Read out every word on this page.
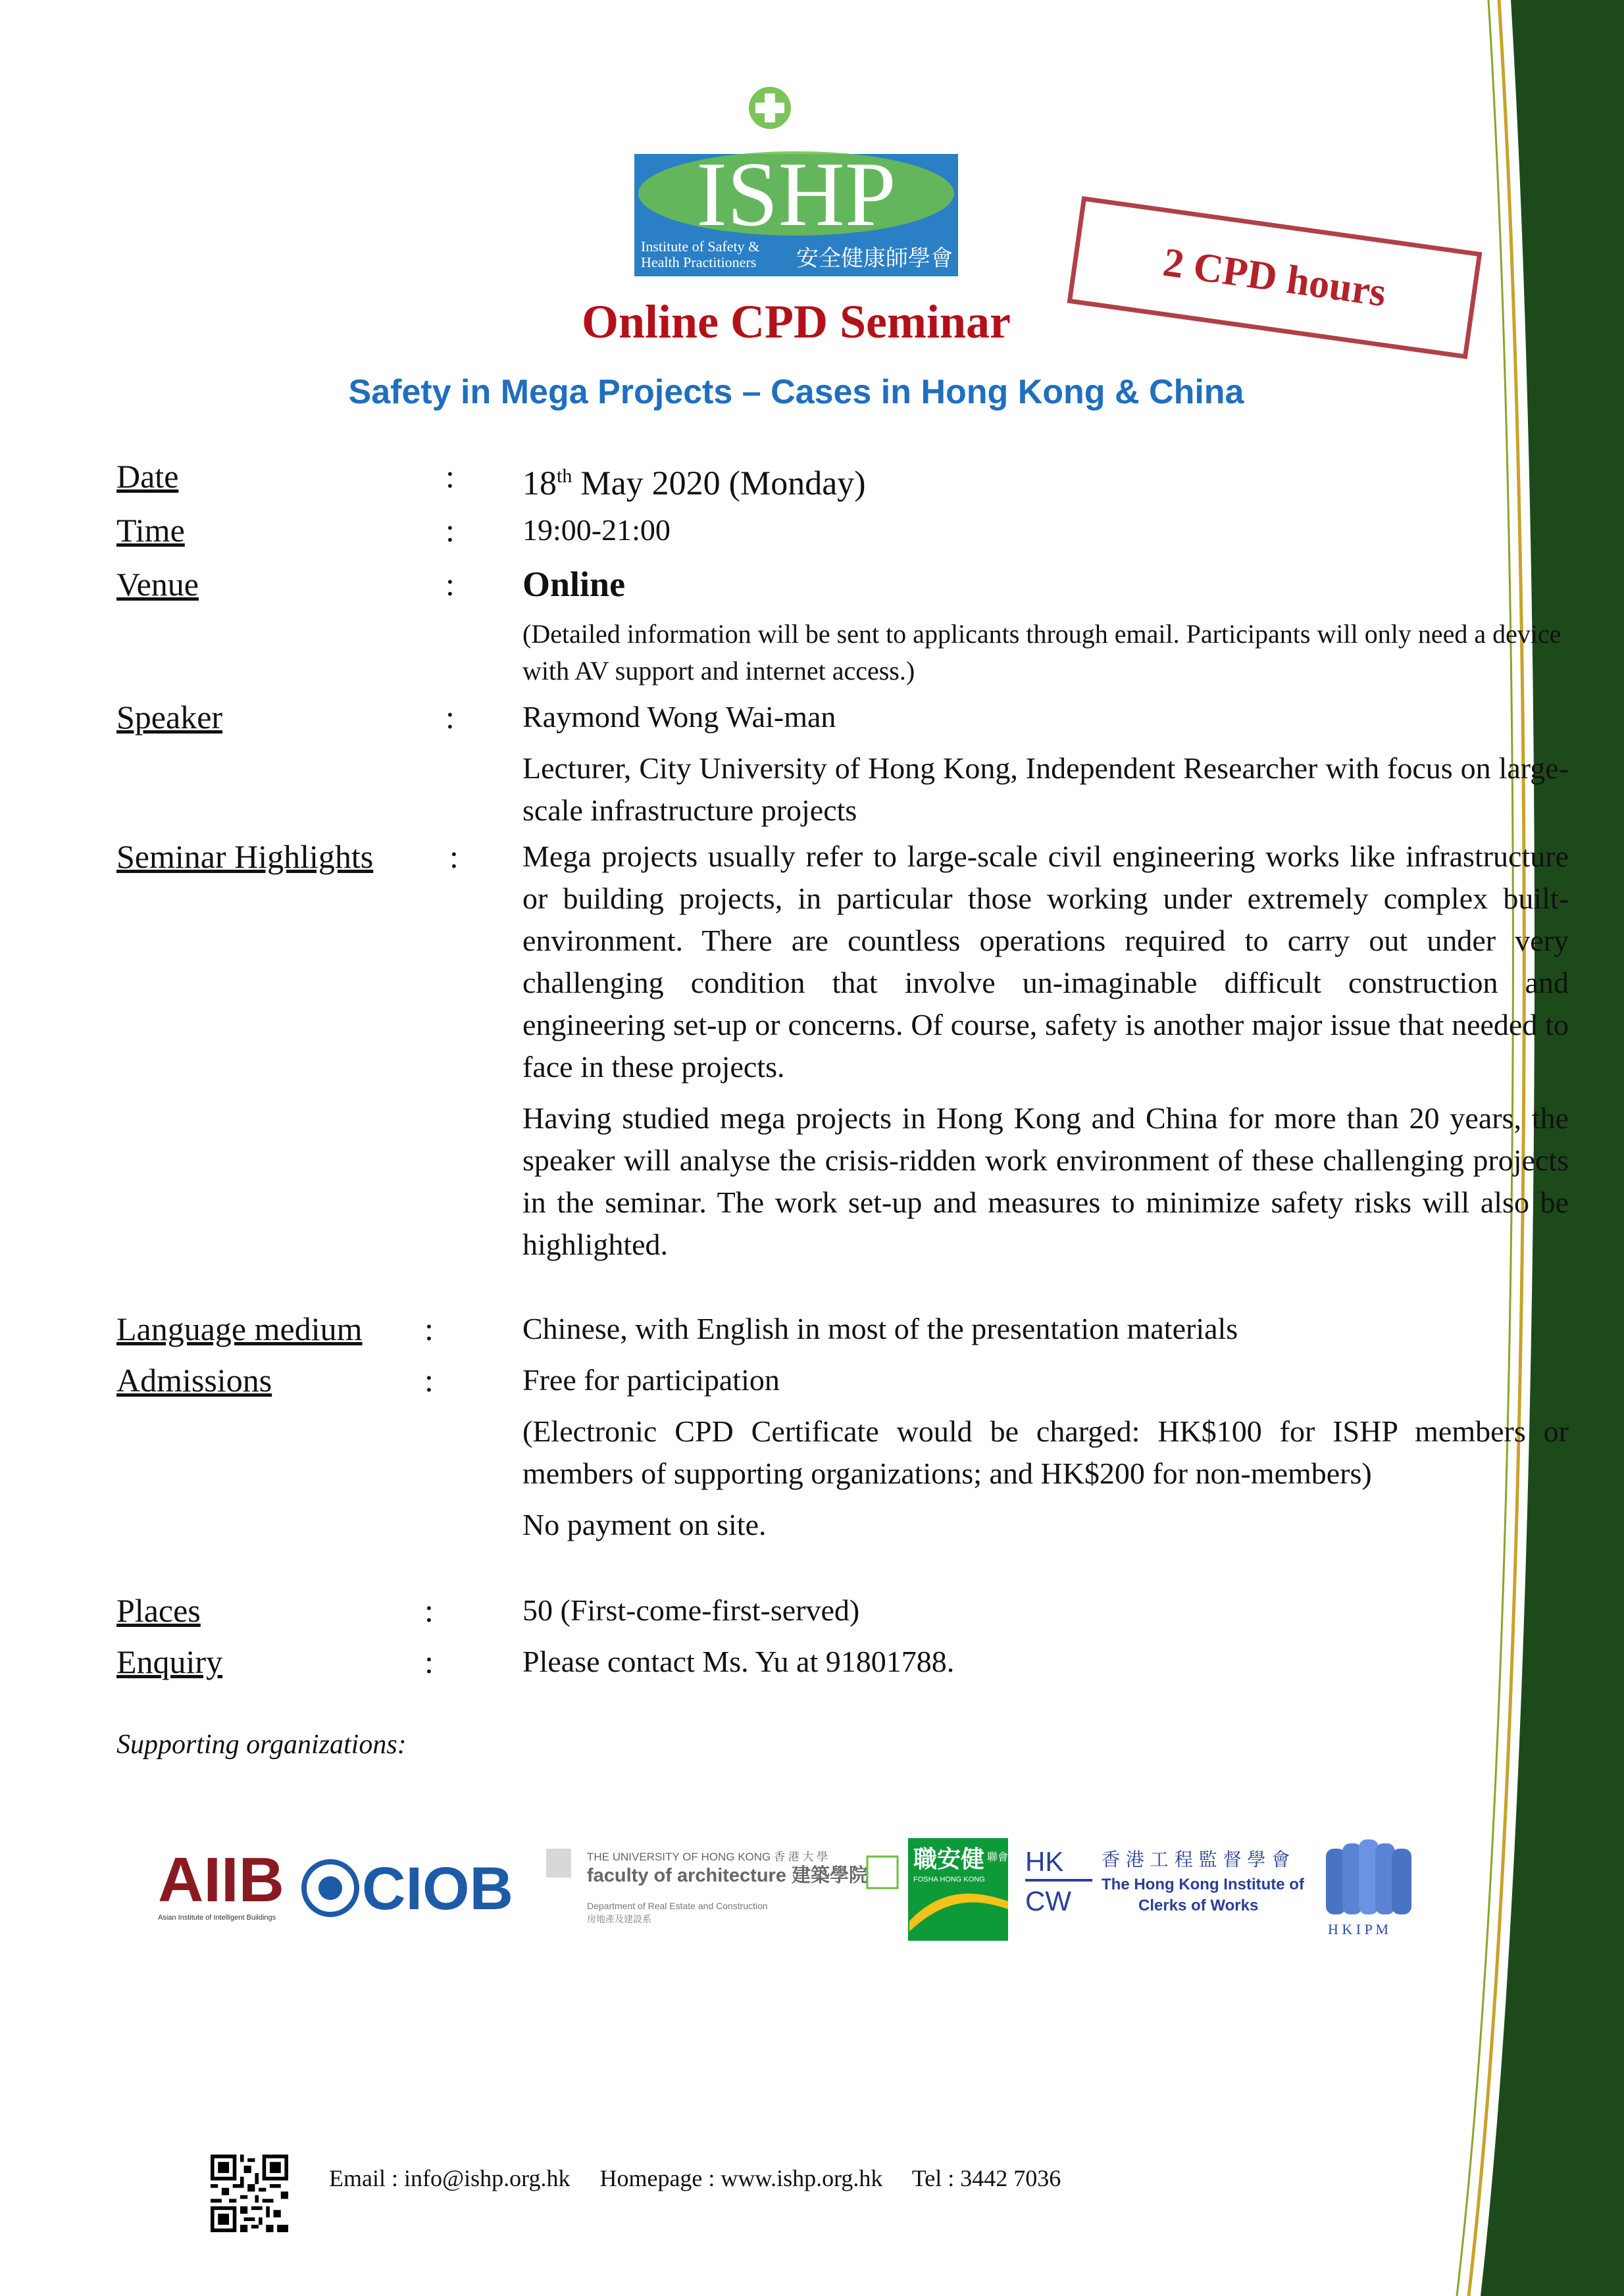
ISHP
Institute of Safety &
Health Practitioners 安全健康師學會	2 CPD hours
Online CPD Seminar
Safety in Mega Projects – Cases in Hong Kong & China
Date	: 18th May 2020 (Monday)
Time	: 19:00-21:00
Venue	: Online
(Detailed information will be sent to applicants through email. Participants will only need a device with AV support and internet access.)
Speaker	: Raymond Wong Wai-man
Lecturer, City University of Hong Kong, Independent Researcher with focus on large-scale infrastructure projects
Seminar Highlights : Mega projects usually refer to large-scale civil engineering works like infrastructure or building projects, in particular those working under extremely complex built-environment. There are countless operations required to carry out under very challenging condition that involve un-imaginable difficult construction and engineering set-up or concerns. Of course, safety is another major issue that needed to face in these projects.
Having studied mega projects in Hong Kong and China for more than 20 years, the speaker will analyse the crisis-ridden work environment of these challenging projects in the seminar. The work set-up and measures to minimize safety risks will also be highlighted.
Language medium :	Chinese, with English in most of the presentation materials
Admissions	:	Free for participation
(Electronic CPD Certificate would be charged: HK$100 for ISHP members or members of supporting organizations; and HK$200 for non-members)
No payment on site.
Places	:	50 (First-come-first-served)
Enquiry	:	Please contact Ms. Yu at 91801788.
Supporting organizations:
AIIB
Asian Institute of Intelligent Buildings CIOB	THE UNIVERSITY OF HONG KONG 香 港 大 學
faculty of architecture 建築學院
Department of Real Estate and Construction
房地產及建設系
職安健 聯會
FOSHA HONG KONG
HK
CW
香 港 工 程 監 督 學 會
The Hong Kong Institute of
Clerks of Works
H K I P M
Email : info@ishp.org.hk Homepage : www.ishp.org.hk Tel : 3442 7036
